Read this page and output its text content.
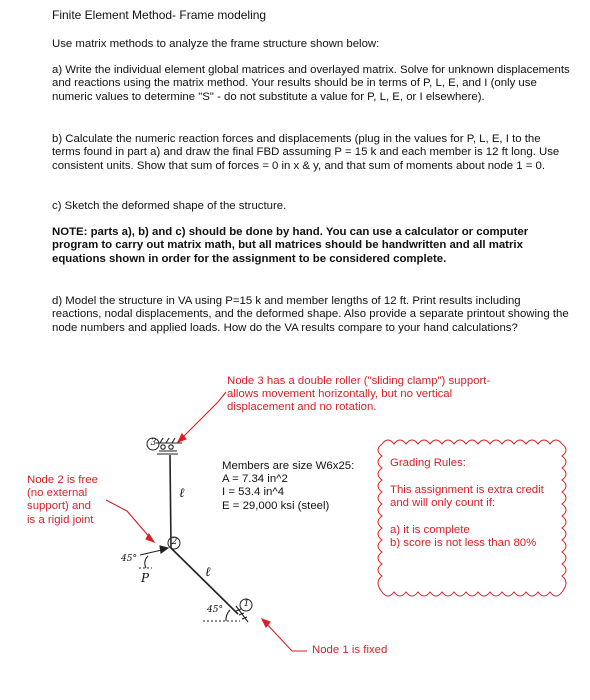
Finite Element Method- Frame modeling
Use matrix methods to analyze the frame structure shown below:
a) Write the individual element global matrices and overlayed matrix. Solve for unknown displacements and reactions using the matrix method. Your results should be in terms of P, L, E, and I (only use numeric values to determine "S" - do not substitute a value for P, L, E, or I elsewhere).
b) Calculate the numeric reaction forces and displacements (plug in the values for P, L, E, I to the terms found in part a) and draw the final FBD assuming P = 15 k and each member is 12 ft long. Use consistent units. Show that sum of forces = 0 in x & y, and that sum of moments about node 1 = 0.
c) Sketch the deformed shape of the structure.
NOTE: parts a), b) and c) should be done by hand. You can use a calculator or computer program to carry out matrix math, but all matrices should be handwritten and all matrix equations shown in order for the assignment to be considered complete.
d) Model the structure in VA using P=15 k and member lengths of 12 ft. Print results including reactions, nodal displacements, and the deformed shape. Also provide a separate printout showing the node numbers and applied loads. How do the VA results compare to your hand calculations?
3
2
1
ℓ
ℓ
P
45°
45°
Node 3 has a double roller ("sliding clamp") support-
allows movement horizontally, but no vertical
displacement and no rotation.
Node 2 is free
(no external
support) and
is a rigid joint
Node 1 is fixed
Members are size W6x25:
A = 7.34 in^2
I = 53.4 in^4
E = 29,000 ksi (steel)
Grading Rules:
This assignment is extra credit
and will only count if:
a) it is complete
b) score is not less than 80%
